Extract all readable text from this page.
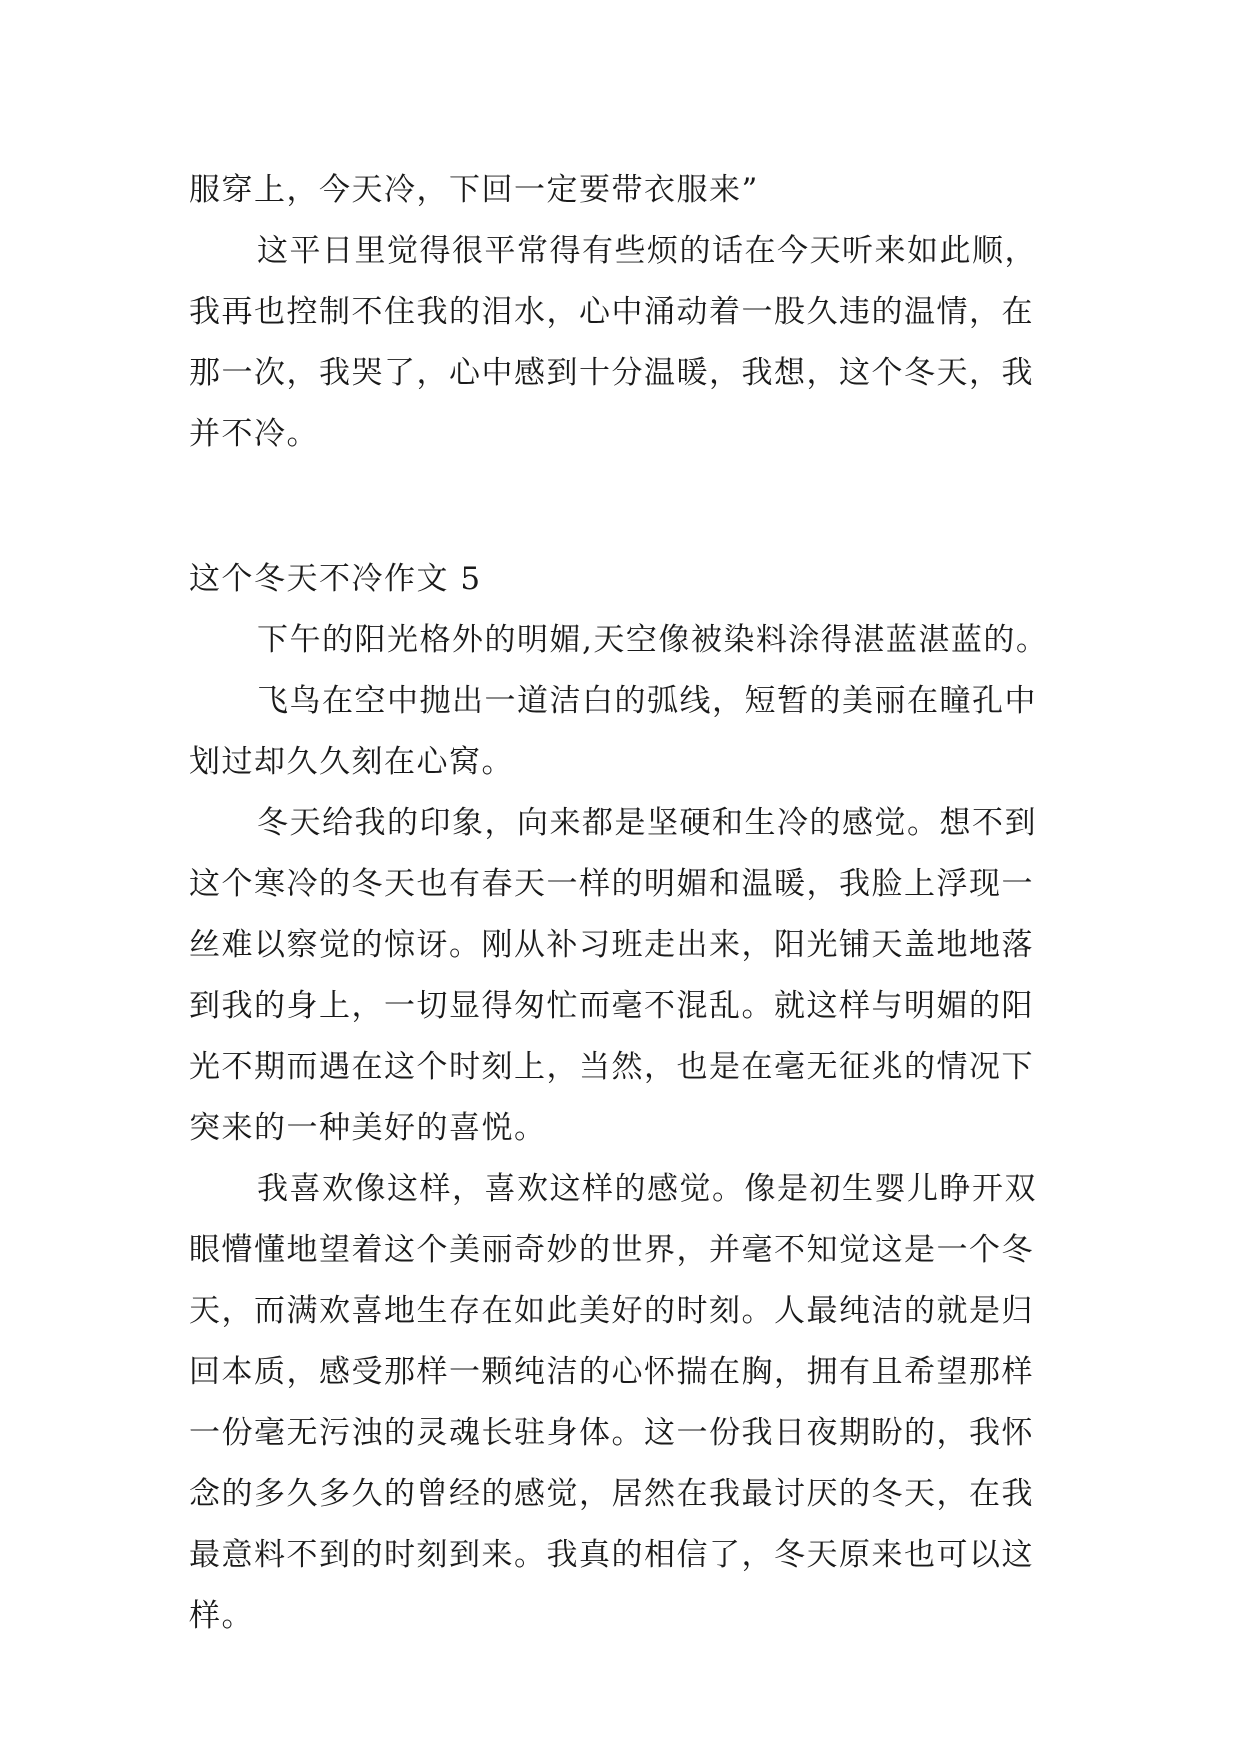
服穿上，今天冷，下回一定要带衣服来”
这平日里觉得很平常得有些烦的话在今天听来如此顺，
我再也控制不住我的泪水，心中涌动着一股久违的温情，在
那一次，我哭了，心中感到十分温暖，我想，这个冬天，我
并不冷。
这个冬天不冷作文 5
下午的阳光格外的明媚,天空像被染料涂得湛蓝湛蓝的。
飞鸟在空中抛出一道洁白的弧线，短暂的美丽在瞳孔中
划过却久久刻在心窝。
冬天给我的印象，向来都是坚硬和生冷的感觉。想不到
这个寒冷的冬天也有春天一样的明媚和温暖，我脸上浮现一
丝难以察觉的惊讶。刚从补习班走出来，阳光铺天盖地地落
到我的身上，一切显得匆忙而毫不混乱。就这样与明媚的阳
光不期而遇在这个时刻上，当然，也是在毫无征兆的情况下
突来的一种美好的喜悦。
我喜欢像这样，喜欢这样的感觉。像是初生婴儿睁开双
眼懵懂地望着这个美丽奇妙的世界，并毫不知觉这是一个冬
天，而满欢喜地生存在如此美好的时刻。人最纯洁的就是归
回本质，感受那样一颗纯洁的心怀揣在胸，拥有且希望那样
一份毫无污浊的灵魂长驻身体。这一份我日夜期盼的，我怀
念的多久多久的曾经的感觉，居然在我最讨厌的冬天，在我
最意料不到的时刻到来。我真的相信了，冬天原来也可以这
样。
